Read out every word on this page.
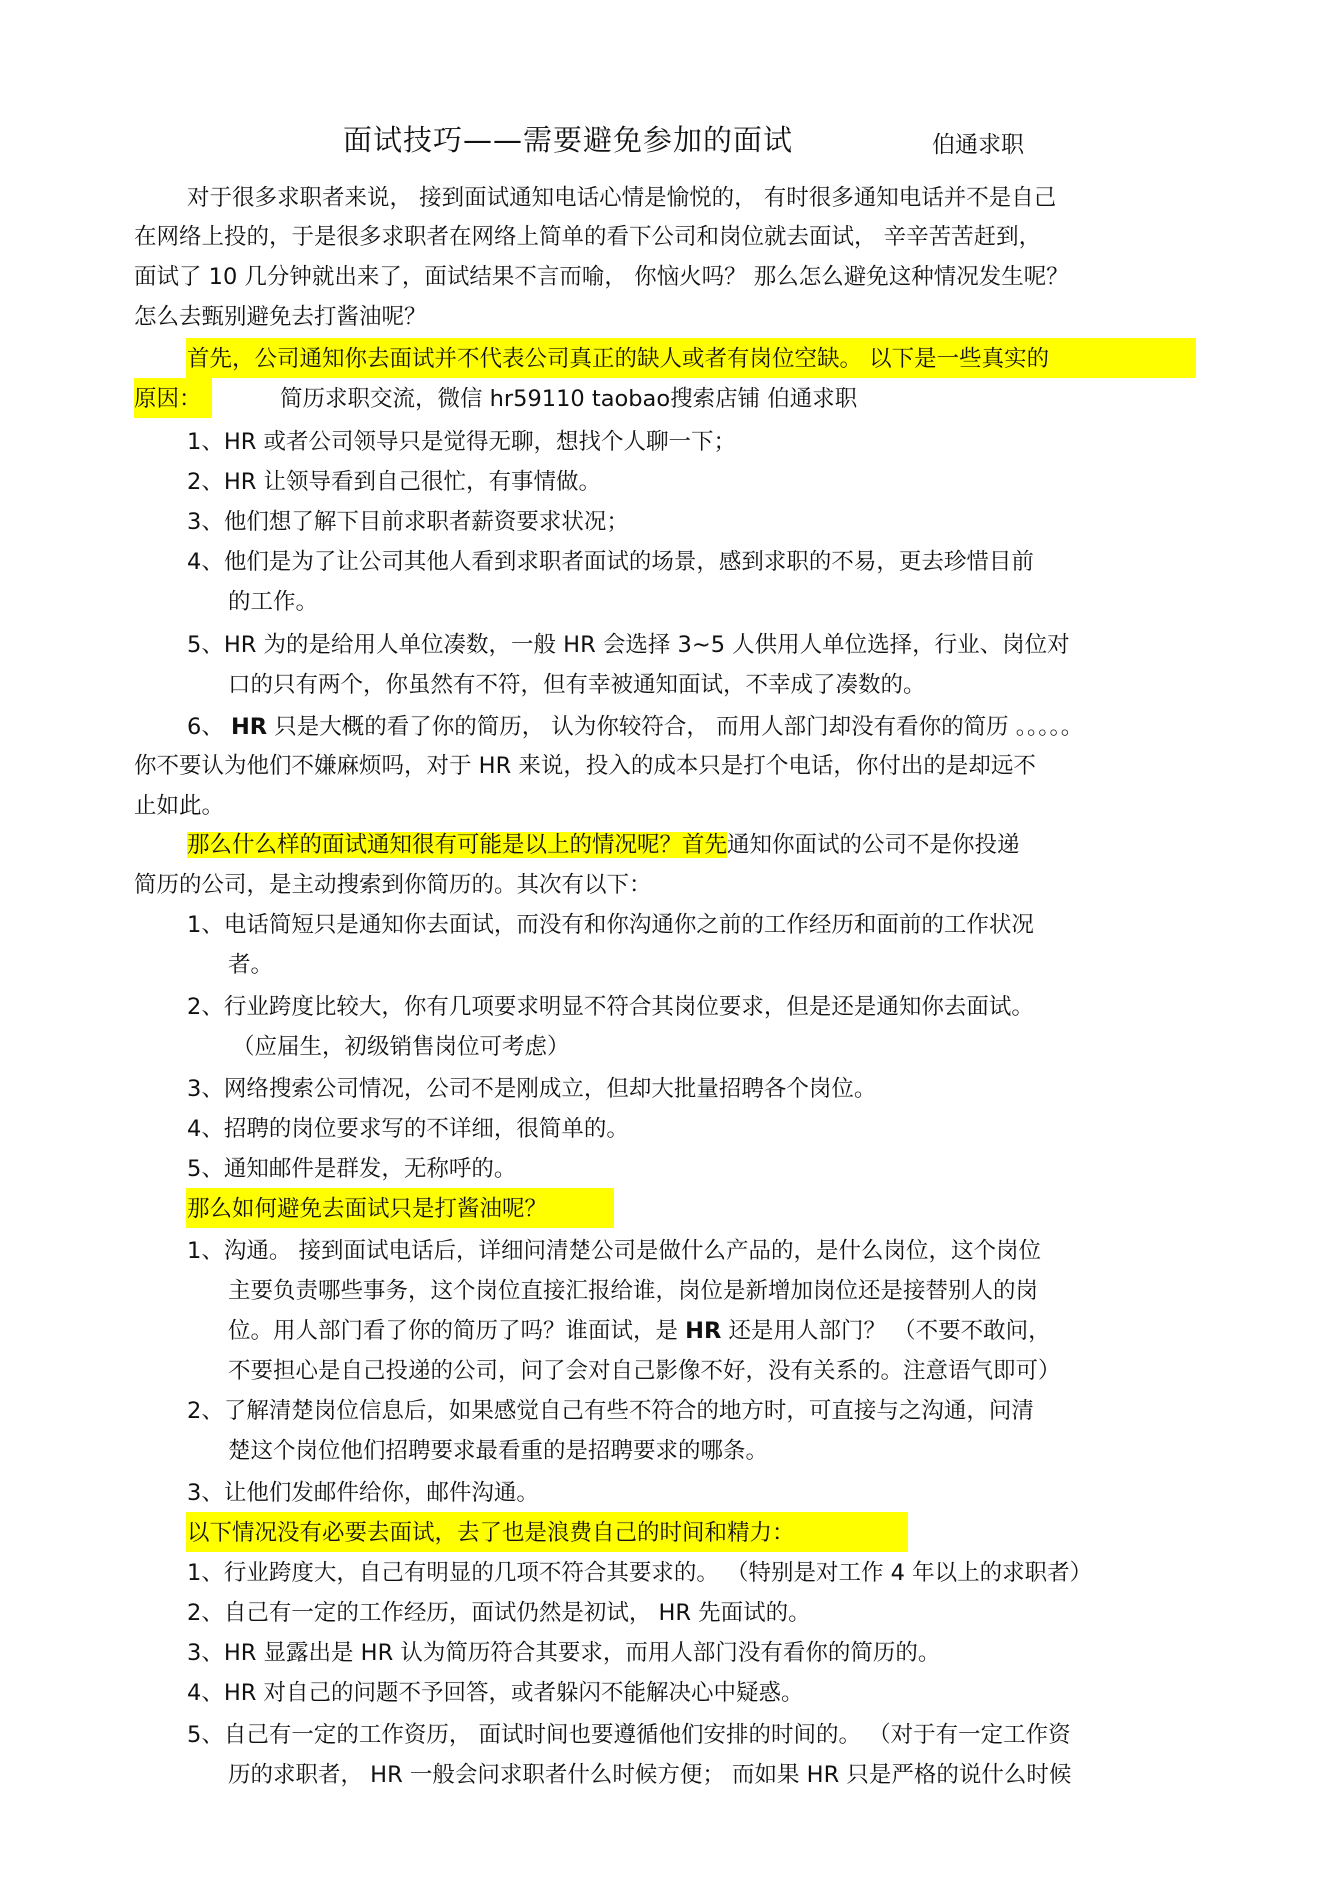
面试技巧——需要避免参加的面试	伯通求职
对于很多求职者来说， 接到面试通知电话心情是愉悦的， 有时很多通知电话并不是自己
在网络上投的，于是很多求职者在网络上简单的看下公司和岗位就去面试， 辛辛苦苦赶到，
面试了 10 几分钟就出来了，面试结果不言而喻， 你恼火吗？ 那么怎么避免这种情况发生呢？
怎么去甄别避免去打酱油呢？
首先，公司通知你去面试并不代表公司真正的缺人或者有岗位空缺。 以下是一些真实的
原因：	简历求职交流，微信 hr59110 taobao搜索店铺 伯通求职
1、HR 或者公司领导只是觉得无聊，想找个人聊一下；
2、HR 让领导看到自己很忙，有事情做。
3、他们想了解下目前求职者薪资要求状况；
4、他们是为了让公司其他人看到求职者面试的场景，感到求职的不易，更去珍惜目前
的工作。
5、HR 为的是给用人单位凑数，一般 HR 会选择 3~5 人供用人单位选择，行业、岗位对
口的只有两个，你虽然有不符，但有幸被通知面试，不幸成了凑数的。
6、 HR 只是大概的看了你的简历， 认为你较符合， 而用人部门却没有看你的简历 。。。。。
你不要认为他们不嫌麻烦吗，对于 HR 来说，投入的成本只是打个电话，你付出的是却远不
止如此。
那么什么样的面试通知很有可能是以上的情况呢？首先通知你面试的公司不是你投递
简历的公司，是主动搜索到你简历的。其次有以下：
1、电话简短只是通知你去面试，而没有和你沟通你之前的工作经历和面前的工作状况
者。
2、行业跨度比较大，你有几项要求明显不符合其岗位要求，但是还是通知你去面试。
（应届生，初级销售岗位可考虑）
3、网络搜索公司情况，公司不是刚成立，但却大批量招聘各个岗位。
4、招聘的岗位要求写的不详细，很简单的。
5、通知邮件是群发，无称呼的。
那么如何避免去面试只是打酱油呢？
1、沟通。 接到面试电话后，详细问清楚公司是做什么产品的，是什么岗位，这个岗位
主要负责哪些事务，这个岗位直接汇报给谁，岗位是新增加岗位还是接替别人的岗
位。用人部门看了你的简历了吗？谁面试，是 HR 还是用人部门？ （不要不敢问，
不要担心是自己投递的公司，问了会对自己影像不好，没有关系的。注意语气即可）
2、了解清楚岗位信息后，如果感觉自己有些不符合的地方时，可直接与之沟通，问清
楚这个岗位他们招聘要求最看重的是招聘要求的哪条。
3、让他们发邮件给你，邮件沟通。
以下情况没有必要去面试，去了也是浪费自己的时间和精力：
1、行业跨度大，自己有明显的几项不符合其要求的。 （特别是对工作 4 年以上的求职者）
2、自己有一定的工作经历，面试仍然是初试， HR 先面试的。
3、HR 显露出是 HR 认为简历符合其要求，而用人部门没有看你的简历的。
4、HR 对自己的问题不予回答，或者躲闪不能解决心中疑惑。
5、自己有一定的工作资历， 面试时间也要遵循他们安排的时间的。 （对于有一定工作资
历的求职者， HR 一般会问求职者什么时候方便； 而如果 HR 只是严格的说什么时候
